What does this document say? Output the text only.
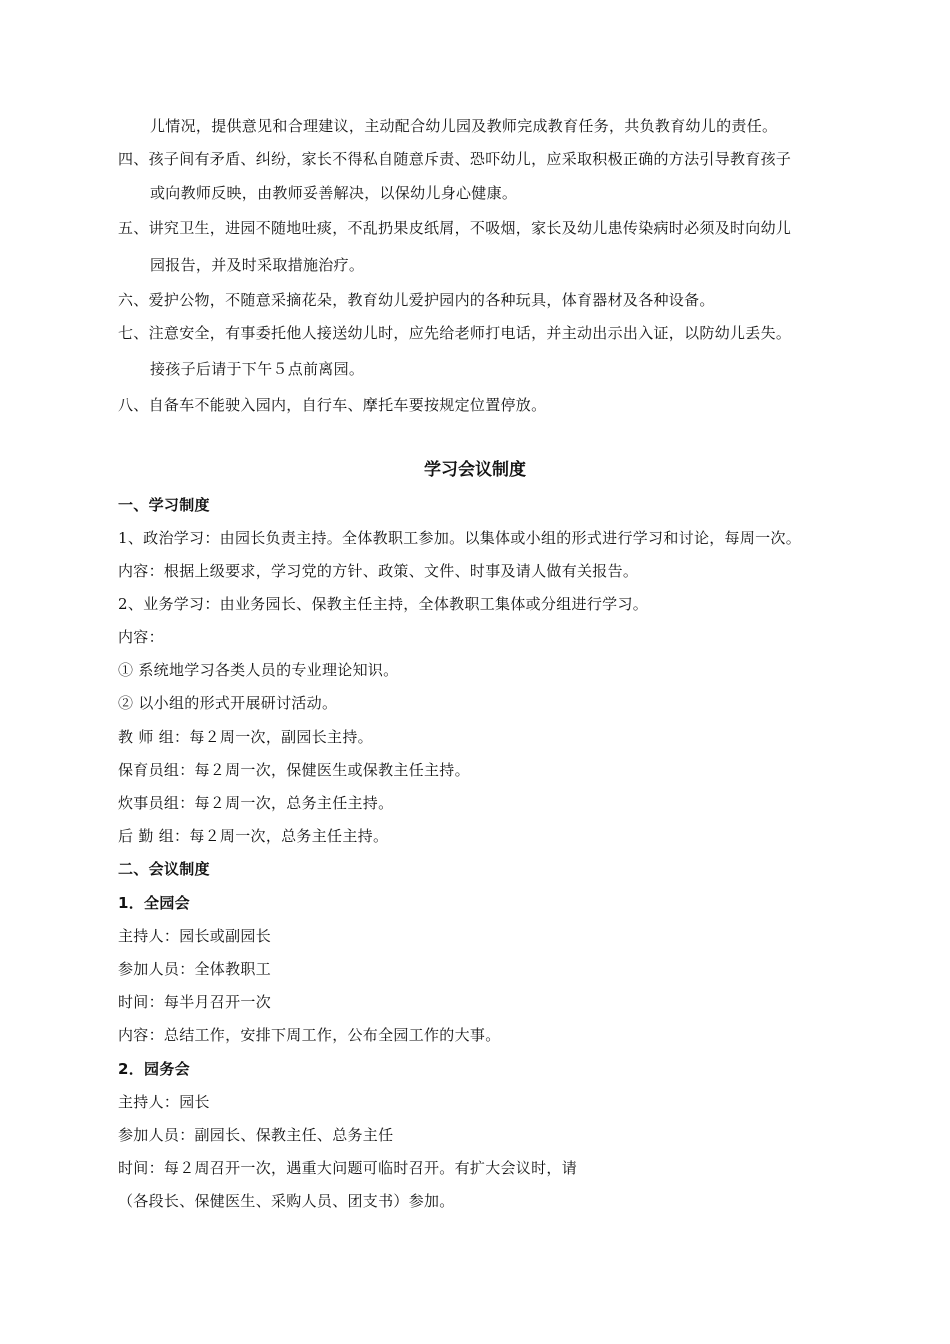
儿情况，提供意见和合理建议，主动配合幼儿园及教师完成教育任务，共负教育幼儿的责任。
四、孩子间有矛盾、纠纷，家长不得私自随意斥责、恐吓幼儿，应采取积极正确的方法引导教育孩子
或向教师反映，由教师妥善解决，以保幼儿身心健康。
五、讲究卫生，进园不随地吐痰，不乱扔果皮纸屑，不吸烟，家长及幼儿患传染病时必须及时向幼儿
园报告，并及时采取措施治疗。
六、爱护公物，不随意采摘花朵，教育幼儿爱护园内的各种玩具，体育器材及各种设备。
七、注意安全，有事委托他人接送幼儿时，应先给老师打电话，并主动出示出入证，以防幼儿丢失。
接孩子后请于下午５点前离园。
八、自备车不能驶入园内，自行车、摩托车要按规定位置停放。
学习会议制度
一、学习制度
1、政治学习：由园长负责主持。全体教职工参加。以集体或小组的形式进行学习和讨论，每周一次。
内容：根据上级要求，学习党的方针、政策、文件、时事及请人做有关报告。
2、业务学习：由业务园长、保教主任主持，全体教职工集体或分组进行学习。
内容：
① 系统地学习各类人员的专业理论知识。
② 以小组的形式开展研讨活动。
教 师 组：每２周一次，副园长主持。
保育员组：每２周一次，保健医生或保教主任主持。
炊事员组：每２周一次，总务主任主持。
后 勤 组：每２周一次，总务主任主持。
二、会议制度
1．全园会
主持人：园长或副园长
参加人员：全体教职工
时间：每半月召开一次
内容：总结工作，安排下周工作，公布全园工作的大事。
2．园务会
主持人：园长
参加人员：副园长、保教主任、总务主任
时间：每２周召开一次，遇重大问题可临时召开。有扩大会议时，请
（各段长、保健医生、采购人员、团支书）参加。
